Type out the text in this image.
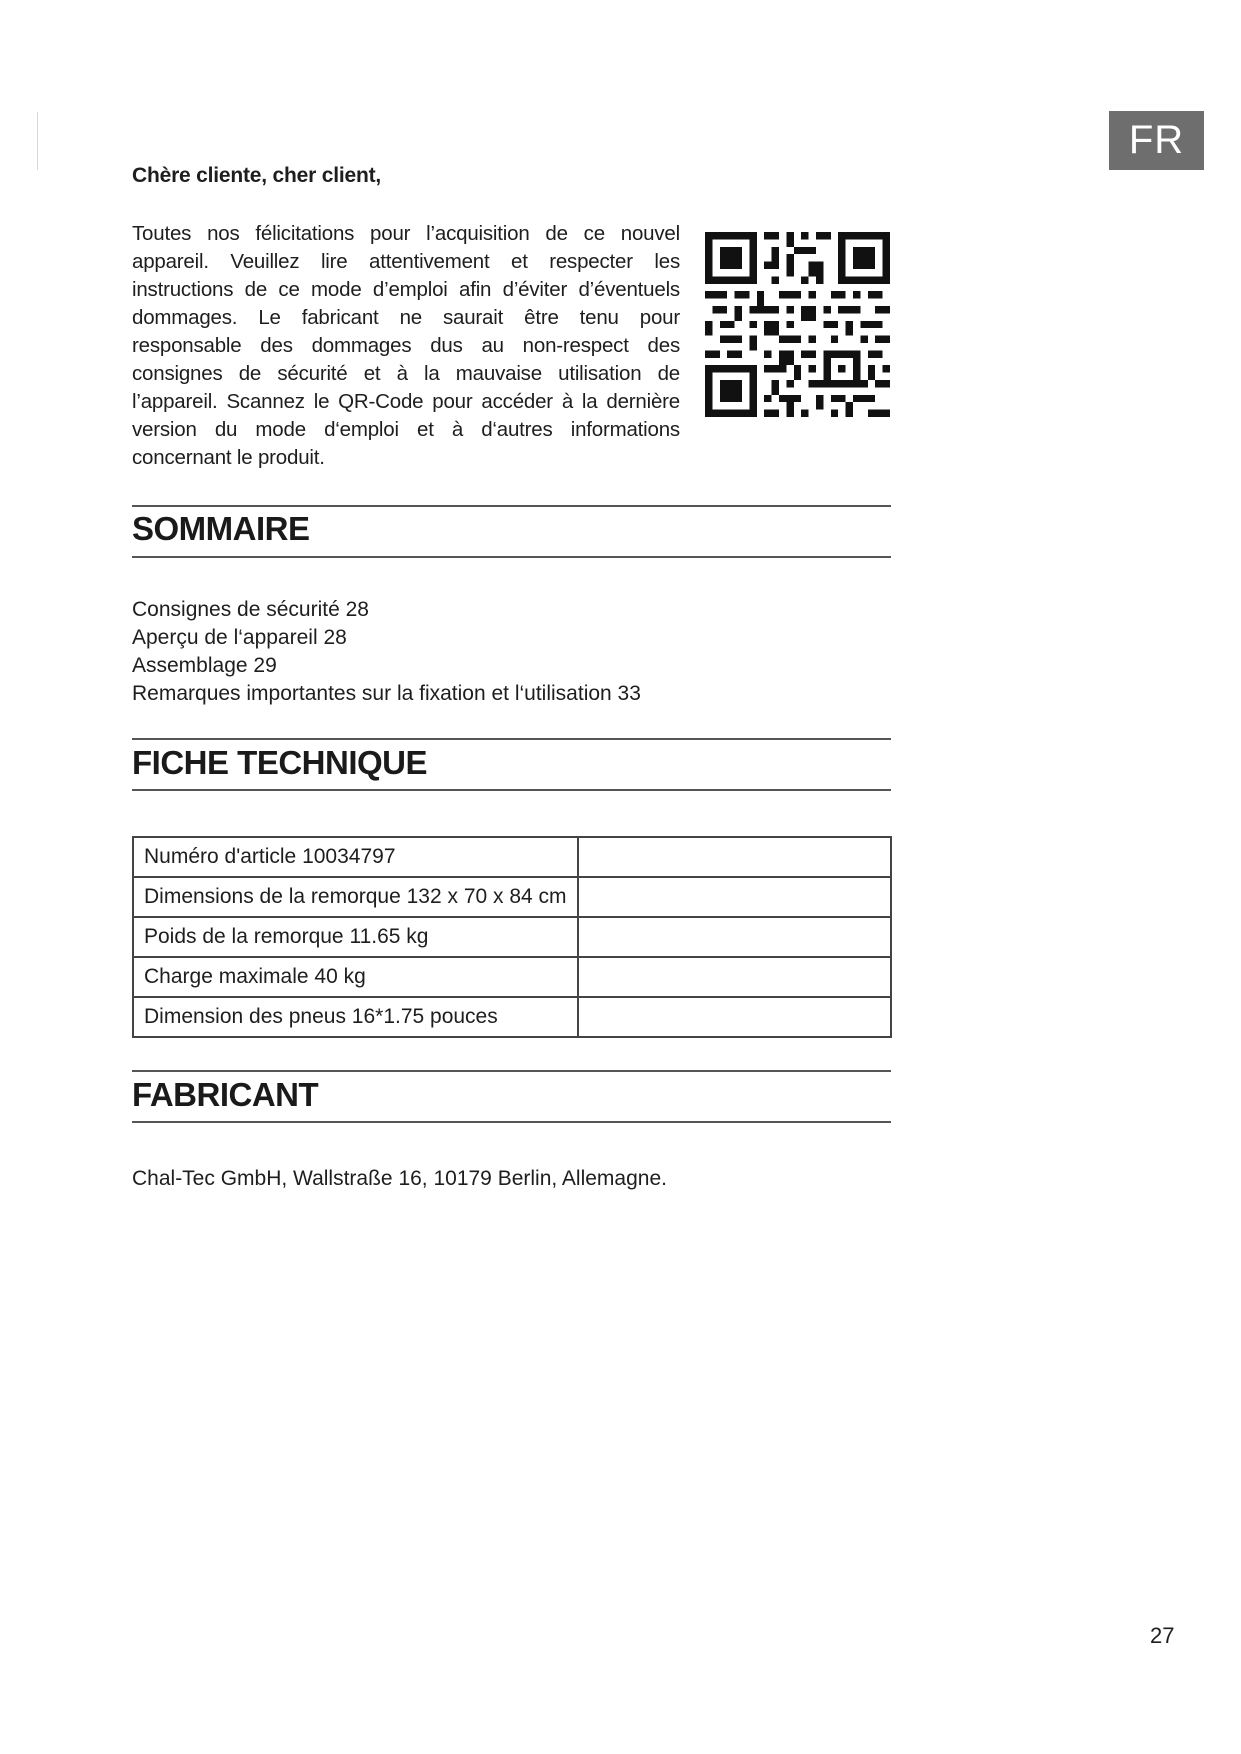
FR
Chère cliente, cher client,
Toutes nos félicitations pour l’acquisition de ce nouvel appareil. Veuillez lire attentivement et respecter les instructions de ce mode d’emploi afin d’éviter d’éventuels dommages. Le fabricant ne saurait être tenu pour responsable des dommages dus au non-respect des consignes de sécurité et à la mauvaise utilisation de l’appareil. Scannez le QR-Code pour accéder à la dernière version du mode d‘emploi et à d‘autres informations concernant le produit.
SOMMAIRE
Consignes de sécurité 28
Aperçu de l‘appareil 28
Assemblage 29
Remarques importantes sur la fixation et l‘utilisation 33
FICHE TECHNIQUE
Numéro d'article 10034797	
Dimensions de la remorque 132 x 70 x 84 cm	
Poids de la remorque 11.65 kg	
Charge maximale 40 kg	
Dimension des pneus 16*1.75 pouces	
FABRICANT
Chal-Tec GmbH, Wallstraße 16, 10179 Berlin, Allemagne.
27
